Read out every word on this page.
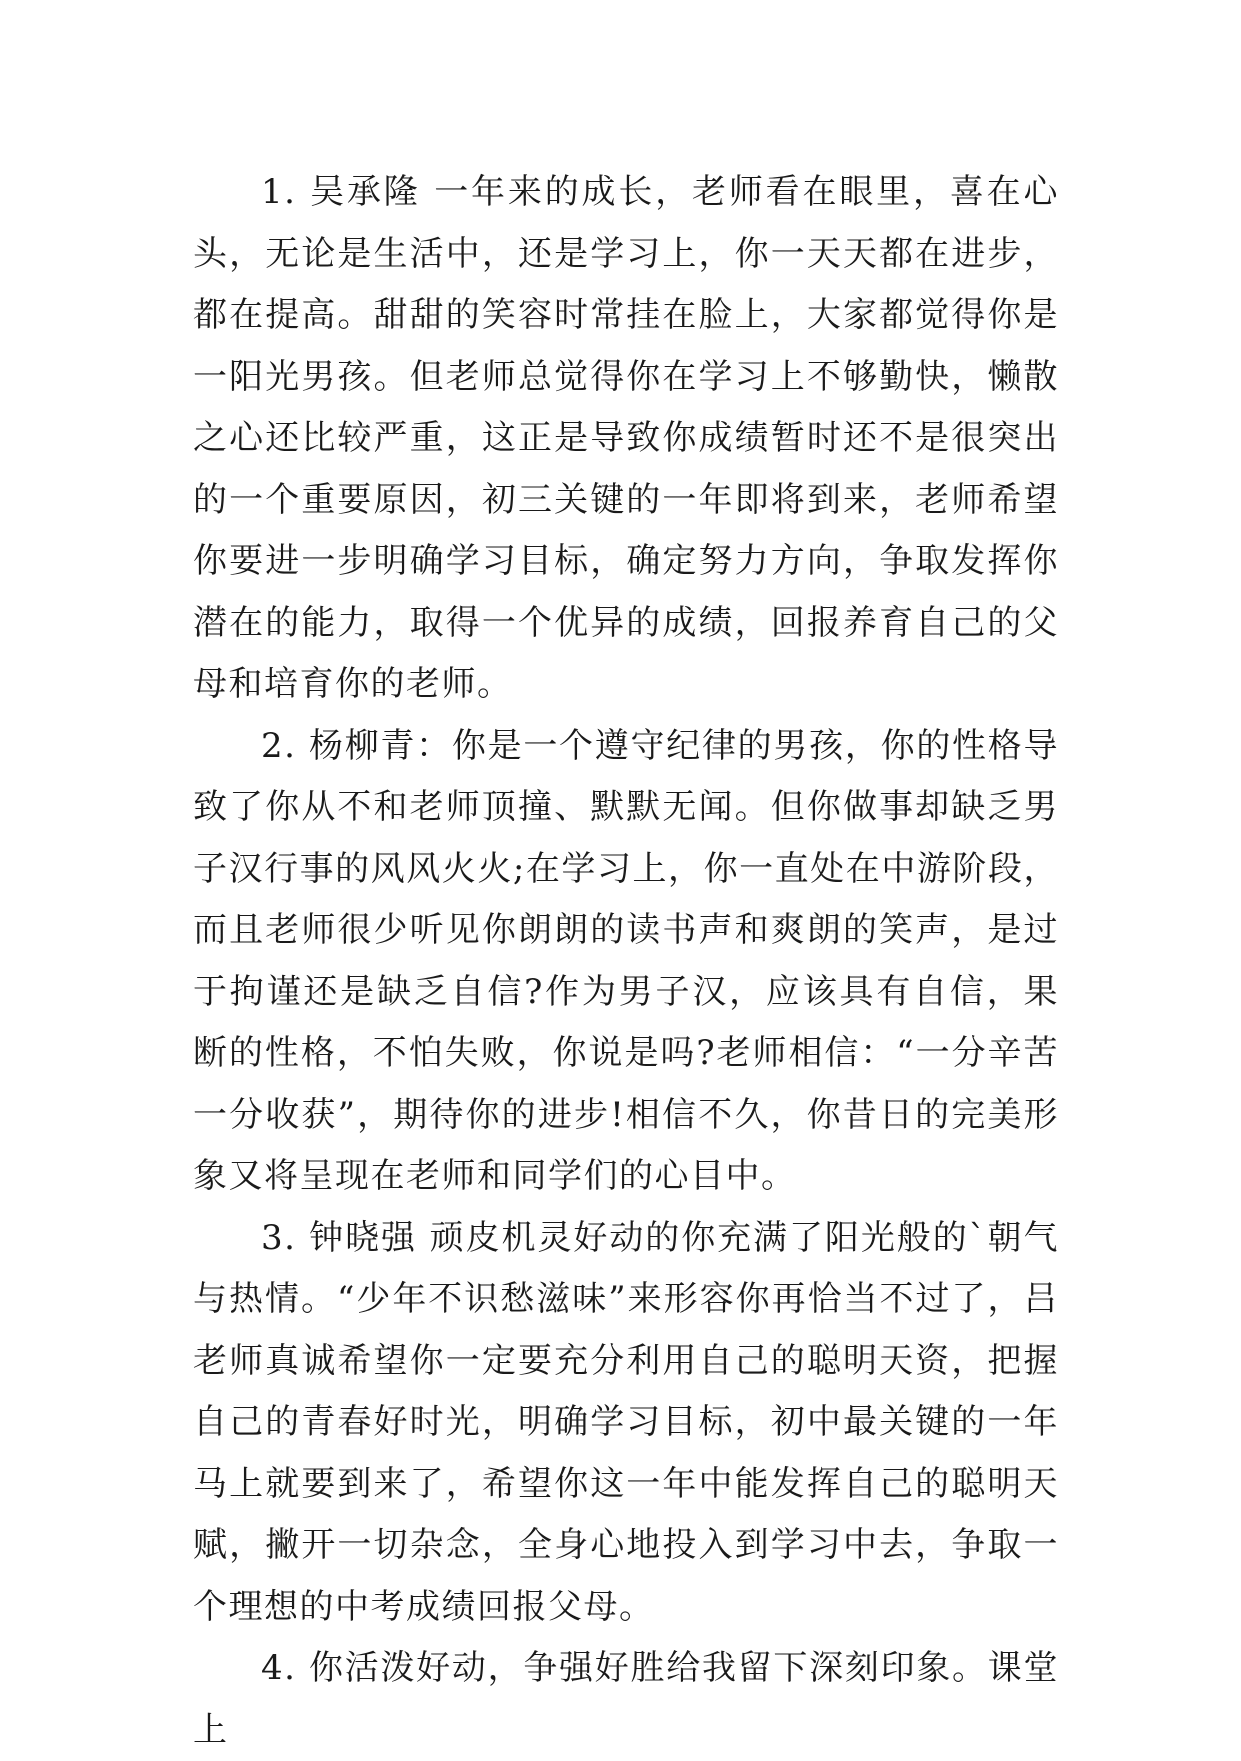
1. 吴承隆 一年来的成长，老师看在眼里，喜在心头，无论是生活中，还是学习上，你一天天都在进步，都在提高。甜甜的笑容时常挂在脸上，大家都觉得你是一阳光男孩。但老师总觉得你在学习上不够勤快，懒散之心还比较严重，这正是导致你成绩暂时还不是很突出的一个重要原因，初三关键的一年即将到来，老师希望你要进一步明确学习目标，确定努力方向，争取发挥你潜在的能力，取得一个优异的成绩，回报养育自己的父母和培育你的老师。

2. 杨柳青：你是一个遵守纪律的男孩，你的性格导致了你从不和老师顶撞、默默无闻。但你做事却缺乏男子汉行事的风风火火;在学习上，你一直处在中游阶段，而且老师很少听见你朗朗的读书声和爽朗的笑声，是过于拘谨还是缺乏自信?作为男子汉，应该具有自信，果断的性格，不怕失败，你说是吗?老师相信：“一分辛苦一分收获”，期待你的进步!相信不久，你昔日的完美形象又将呈现在老师和同学们的心目中。

3. 钟晓强 顽皮机灵好动的你充满了阳光般的`朝气与热情。“少年不识愁滋味”来形容你再恰当不过了，吕老师真诚希望你一定要充分利用自己的聪明天资，把握自己的青春好时光，明确学习目标，初中最关键的一年马上就要到来了，希望你这一年中能发挥自己的聪明天赋，撇开一切杂念，全身心地投入到学习中去，争取一个理想的中考成绩回报父母。

4. 你活泼好动，争强好胜给我留下深刻印象。课堂上
